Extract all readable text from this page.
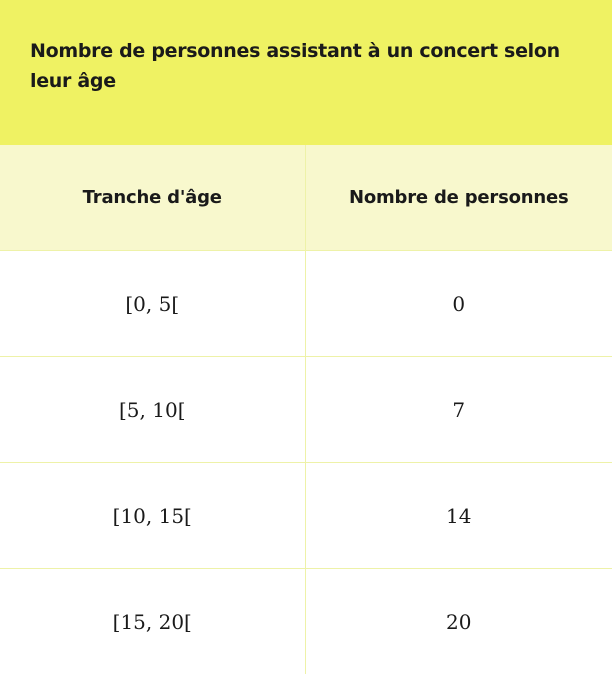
Nombre de personnes assistant à un concert selon leur âge
Tranche d'âge	Nombre de personnes
[0, 5[	0
[5, 10[	7
[10, 15[	14
[15, 20[	20
